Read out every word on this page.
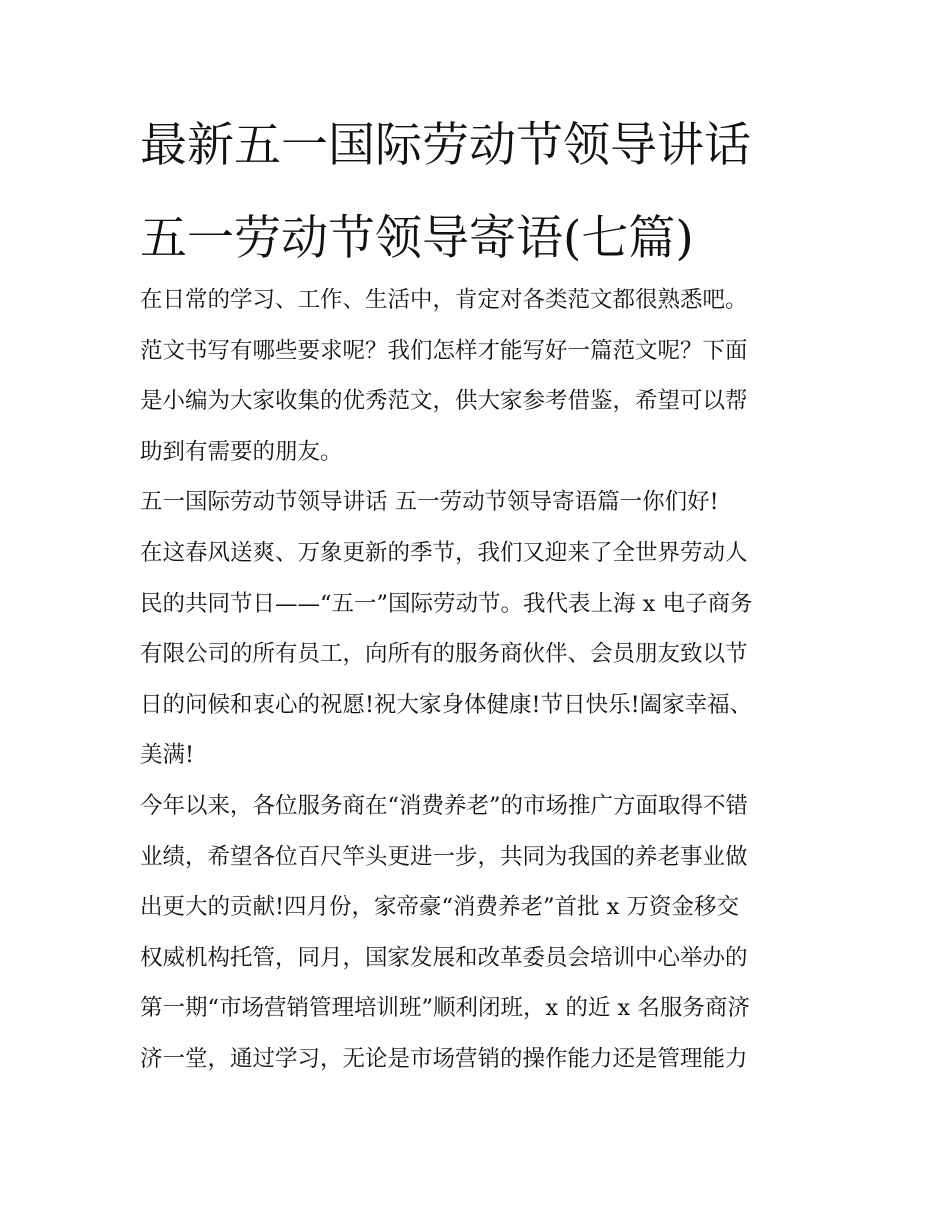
最新五一国际劳动节领导讲话
五一劳动节领导寄语(七篇)
在日常的学习、工作、生活中，肯定对各类范文都很熟悉吧。
范文书写有哪些要求呢？我们怎样才能写好一篇范文呢？下面
是小编为大家收集的优秀范文，供大家参考借鉴，希望可以帮
助到有需要的朋友。
五一国际劳动节领导讲话 五一劳动节领导寄语篇一你们好!
在这春风送爽、万象更新的季节，我们又迎来了全世界劳动人
民的共同节日——“五一”国际劳动节。我代表上海 x 电子商务
有限公司的所有员工，向所有的服务商伙伴、会员朋友致以节
日的问候和衷心的祝愿!祝大家身体健康!节日快乐!阖家幸福、
美满!
今年以来，各位服务商在“消费养老”的市场推广方面取得不错
业绩，希望各位百尺竿头更进一步，共同为我国的养老事业做
出更大的贡献!四月份，家帝豪“消费养老”首批 x 万资金移交
权威机构托管，同月，国家发展和改革委员会培训中心举办的
第一期“市场营销管理培训班”顺利闭班，x 的近 x 名服务商济
济一堂，通过学习，无论是市场营销的操作能力还是管理能力
